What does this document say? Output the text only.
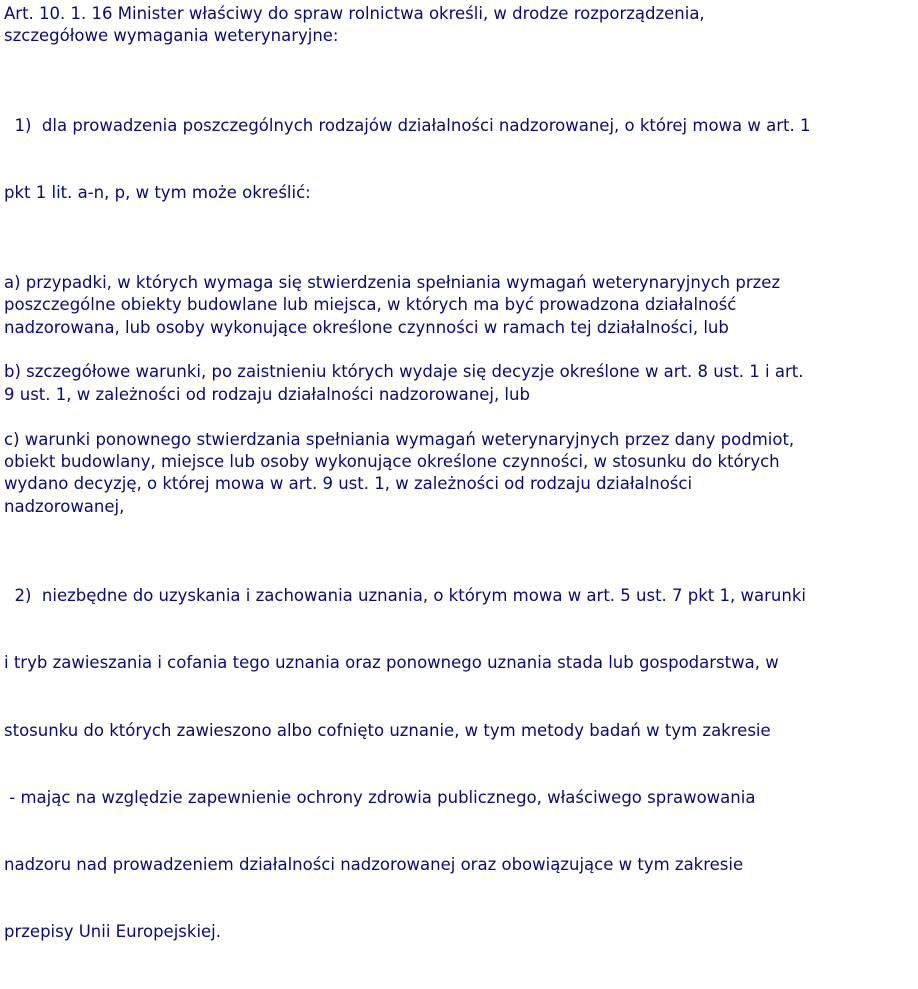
Art. 10. 1. 16 Minister właściwy do spraw rolnictwa określi, w drodze rozporządzenia,
szczegółowe wymagania weterynaryjne:

1)  dla prowadzenia poszczególnych rodzajów działalności nadzorowanej, o której mowa w art. 1

pkt 1 lit. a-n, p, w tym może określić:

a) przypadki, w których wymaga się stwierdzenia spełniania wymagań weterynaryjnych przez
poszczególne obiekty budowlane lub miejsca, w których ma być prowadzona działalność
nadzorowana, lub osoby wykonujące określone czynności w ramach tej działalności, lub
b) szczegółowe warunki, po zaistnieniu których wydaje się decyzje określone w art. 8 ust. 1 i art.
9 ust. 1, w zależności od rodzaju działalności nadzorowanej, lub
c) warunki ponownego stwierdzania spełniania wymagań weterynaryjnych przez dany podmiot,
obiekt budowlany, miejsce lub osoby wykonujące określone czynności, w stosunku do których
wydano decyzję, o której mowa w art. 9 ust. 1, w zależności od rodzaju działalności
nadzorowanej,

2)  niezbędne do uzyskania i zachowania uznania, o którym mowa w art. 5 ust. 7 pkt 1, warunki

i tryb zawieszania i cofania tego uznania oraz ponownego uznania stada lub gospodarstwa, w

stosunku do których zawieszono albo cofnięto uznanie, w tym metody badań w tym zakresie

- mając na względzie zapewnienie ochrony zdrowia publicznego, właściwego sprawowania

nadzoru nad prowadzeniem działalności nadzorowanej oraz obowiązujące w tym zakresie

przepisy Unii Europejskiej.
